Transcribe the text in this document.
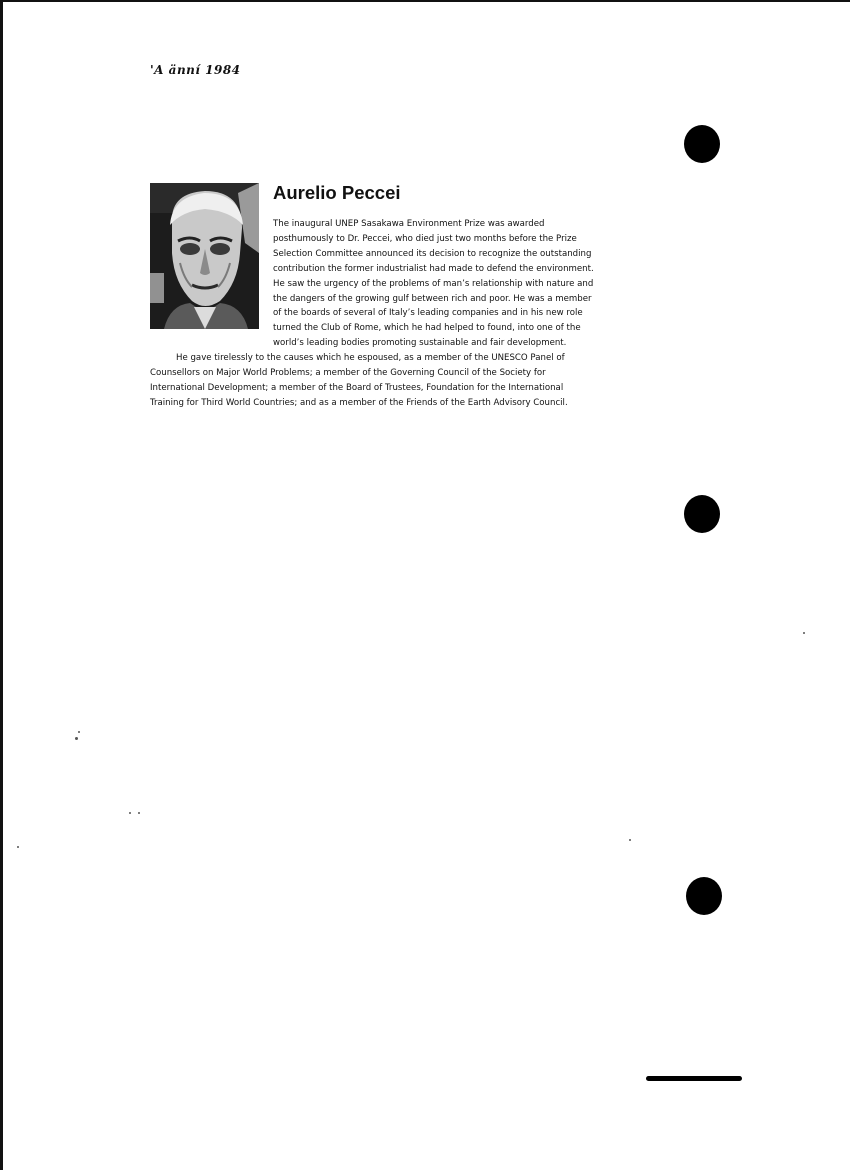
'A änní 1984
Aurelio Peccei

The inaugural UNEP Sasakawa Environment Prize was awarded posthumously to Dr. Peccei, who died just two months before the Prize Selection Committee announced its decision to recognize the outstanding contribution the former industrialist had made to defend the environment. He saw the urgency of the problems of man’s relationship with nature and the dangers of the growing gulf between rich and poor. He was a member of the boards of several of Italy’s leading companies and in his new role turned the Club of Rome, which he had helped to found, into one of the world’s leading bodies promoting sustainable and fair development.

He gave tirelessly to the causes which he espoused, as a member of the UNESCO Panel of Counsellors on Major World Problems; a member of the Governing Council of the Society for International Development; a member of the Board of Trustees, Foundation for the International Training for Third World Countries; and as a member of the Friends of the Earth Advisory Council.
